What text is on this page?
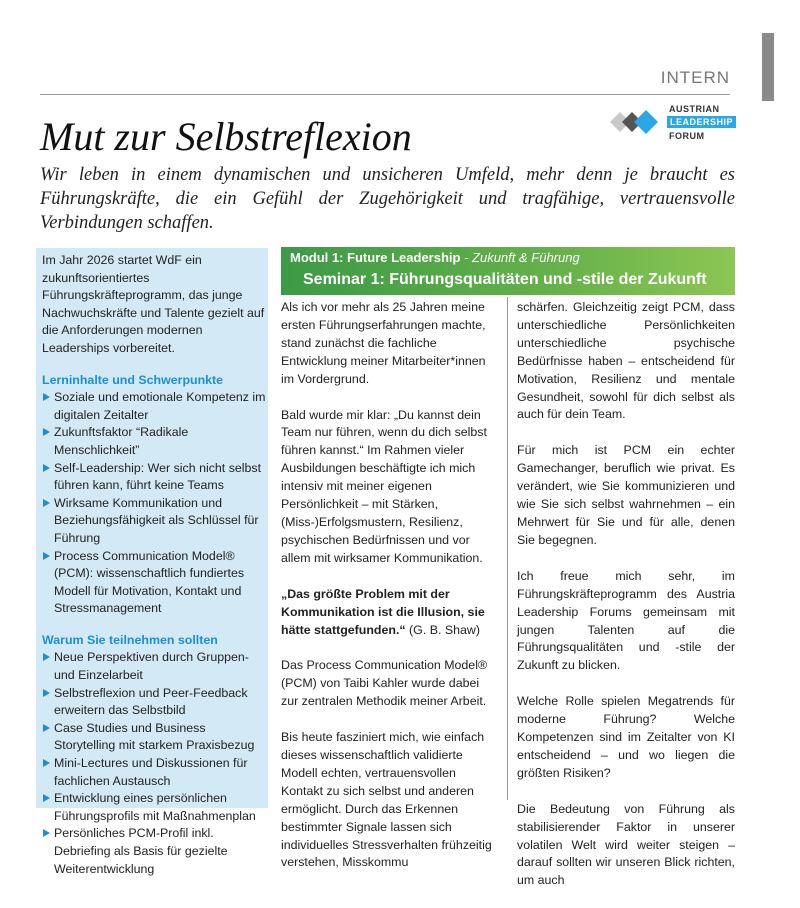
INTERN
AUSTRIAN
LEADERSHIP
FORUM
Mut zur Selbstreflexion

Wir leben in einem dynamischen und unsicheren Umfeld, mehr denn je braucht es Führungskräfte, die ein Gefühl der Zugehörigkeit und tragfähige, vertrauensvolle Verbindungen schaffen.

Im Jahr 2026 startet WdF ein zukunftsorientiertes Führungskräfteprogramm, das junge Nachwuchskräfte und Talente gezielt auf die Anforderungen modernen Leaderships vorbereitet.

Lerninhalte und Schwerpunkte
Soziale und emotionale Kompetenz im digitalen Zeitalter
Zukunftsfaktor “Radikale Menschlichkeit”
Self-Leadership: Wer sich nicht selbst führen kann, führt keine Teams
Wirksame Kommunikation und Beziehungsfähigkeit als Schlüssel für Führung
Process Communication Model® (PCM): wissenschaftlich fundiertes Modell für Motivation, Kontakt und Stressmanagement
Warum Sie teilnehmen sollten
Neue Perspektiven durch Gruppen- und Einzelarbeit
Selbstreflexion und Peer-Feedback erweitern das Selbstbild
Case Studies und Business Storytelling mit starkem Praxisbezug
Mini-Lectures und Diskussionen für fachlichen Austausch
Entwicklung eines persönlichen Führungsprofils mit Maßnahmenplan
Persönliches PCM-Profil inkl. Debriefing als Basis für gezielte Weiterentwicklung
Modul 1: Future Leadership - Zukunft & Führung
Seminar 1: Führungsqualitäten und -stile der Zukunft

Als ich vor mehr als 25 Jahren meine ersten Führungserfahrungen machte, stand zunächst die fachliche Entwicklung meiner Mitarbeiter*innen im Vordergrund.

Bald wurde mir klar: „Du kannst dein Team nur führen, wenn du dich selbst führen kannst.“ Im Rahmen vieler Ausbildungen beschäftigte ich mich intensiv mit meiner eigenen Persönlichkeit – mit Stärken, (Miss-)Erfolgsmustern, Resilienz, psychischen Bedürfnissen und vor allem mit wirksamer Kommunikation.

„Das größte Problem mit der Kommunikation ist die Illusion, sie hätte stattgefunden.“ (G. B. Shaw)

Das Process Communication Model® (PCM) von Taibi Kahler wurde dabei zur zentralen Methodik meiner Arbeit.

Bis heute fasziniert mich, wie einfach dieses wissenschaftlich validierte Modell echten, vertrauensvollen Kontakt zu sich selbst und anderen ermöglicht. Durch das Erkennen bestimmter Signale lassen sich individuelles Stressverhalten frühzeitig verstehen, Misskommu

schärfen. Gleichzeitig zeigt PCM, dass unterschiedliche Persönlichkeiten unterschiedliche psychische Bedürfnisse haben – entscheidend für Motivation, Resilienz und mentale Gesundheit, sowohl für dich selbst als auch für dein Team.

Für mich ist PCM ein echter Gamechanger, beruflich wie privat. Es verändert, wie Sie kommunizieren und wie Sie sich selbst wahrnehmen – ein Mehrwert für Sie und für alle, denen Sie begegnen.

Ich freue mich sehr, im Führungskräfteprogramm des Austria Leadership Forums gemeinsam mit jungen Talenten auf die Führungsqualitäten und -stile der Zukunft zu blicken.

Welche Rolle spielen Megatrends für moderne Führung? Welche Kompetenzen sind im Zeitalter von KI entscheidend – und wo liegen die größten Risiken?

Die Bedeutung von Führung als stabilisierender Faktor in unserer volatilen Welt wird weiter steigen – darauf sollten wir unseren Blick richten, um auch
